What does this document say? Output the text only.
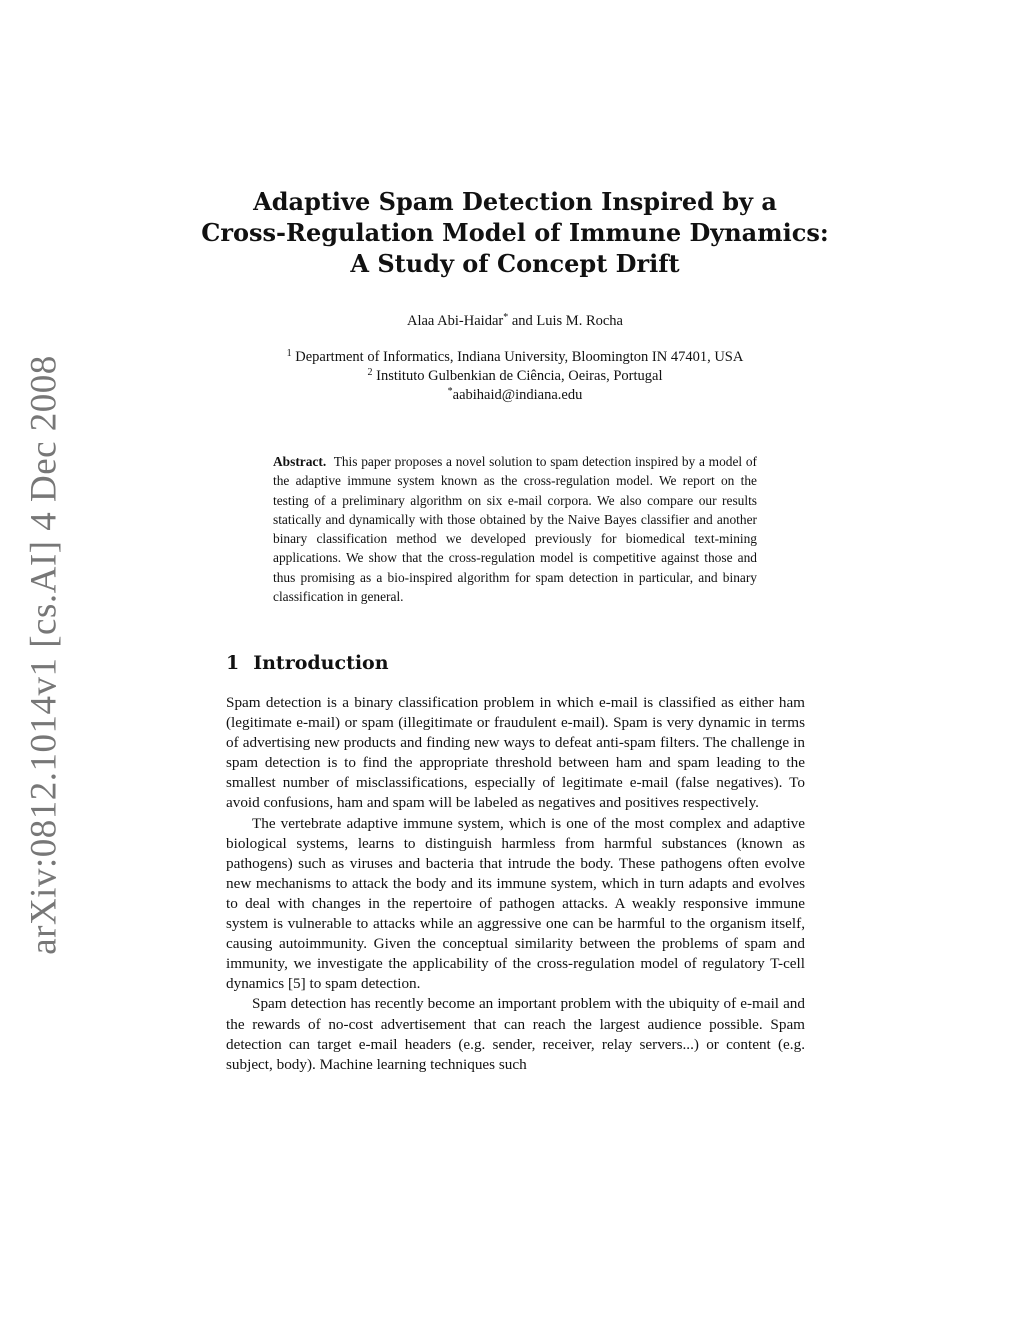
arXiv:0812.1014v1 [cs.AI] 4 Dec 2008
Adaptive Spam Detection Inspired by a
Cross-Regulation Model of Immune Dynamics:
A Study of Concept Drift
Alaa Abi-Haidar* and Luis M. Rocha
$^1$ Department of Informatics, Indiana University, Bloomington IN 47401, USA
$^2$ Instituto Gulbenkian de Ciência, Oeiras, Portugal
*aabihaid@indiana.edu
Abstract. This paper proposes a novel solution to spam detection inspired by a model of the adaptive immune system known as the cross-regulation model. We report on the testing of a preliminary algorithm on six e-mail corpora. We also compare our results statically and dynamically with those obtained by the Naive Bayes classifier and another binary classification method we developed previously for biomedical text-mining applications. We show that the cross-regulation model is competitive against those and thus promising as a bio-inspired algorithm for spam detection in particular, and binary classification in general.
1 Introduction

Spam detection is a binary classification problem in which e-mail is classified as either ham (legitimate e-mail) or spam (illegitimate or fraudulent e-mail). Spam is very dynamic in terms of advertising new products and finding new ways to defeat anti-spam filters. The challenge in spam detection is to find the appropriate threshold between ham and spam leading to the smallest number of misclassifications, especially of legitimate e-mail (false negatives). To avoid confusions, ham and spam will be labeled as negatives and positives respectively.

The vertebrate adaptive immune system, which is one of the most complex and adaptive biological systems, learns to distinguish harmless from harmful substances (known as pathogens) such as viruses and bacteria that intrude the body. These pathogens often evolve new mechanisms to attack the body and its immune system, which in turn adapts and evolves to deal with changes in the repertoire of pathogen attacks. A weakly responsive immune system is vulnerable to attacks while an aggressive one can be harmful to the organism itself, causing autoimmunity. Given the conceptual similarity between the problems of spam and immunity, we investigate the applicability of the cross-regulation model of regulatory T-cell dynamics [5] to spam detection.

Spam detection has recently become an important problem with the ubiquity of e-mail and the rewards of no-cost advertisement that can reach the largest audience possible. Spam detection can target e-mail headers (e.g. sender, receiver, relay servers...) or content (e.g. subject, body). Machine learning techniques such
